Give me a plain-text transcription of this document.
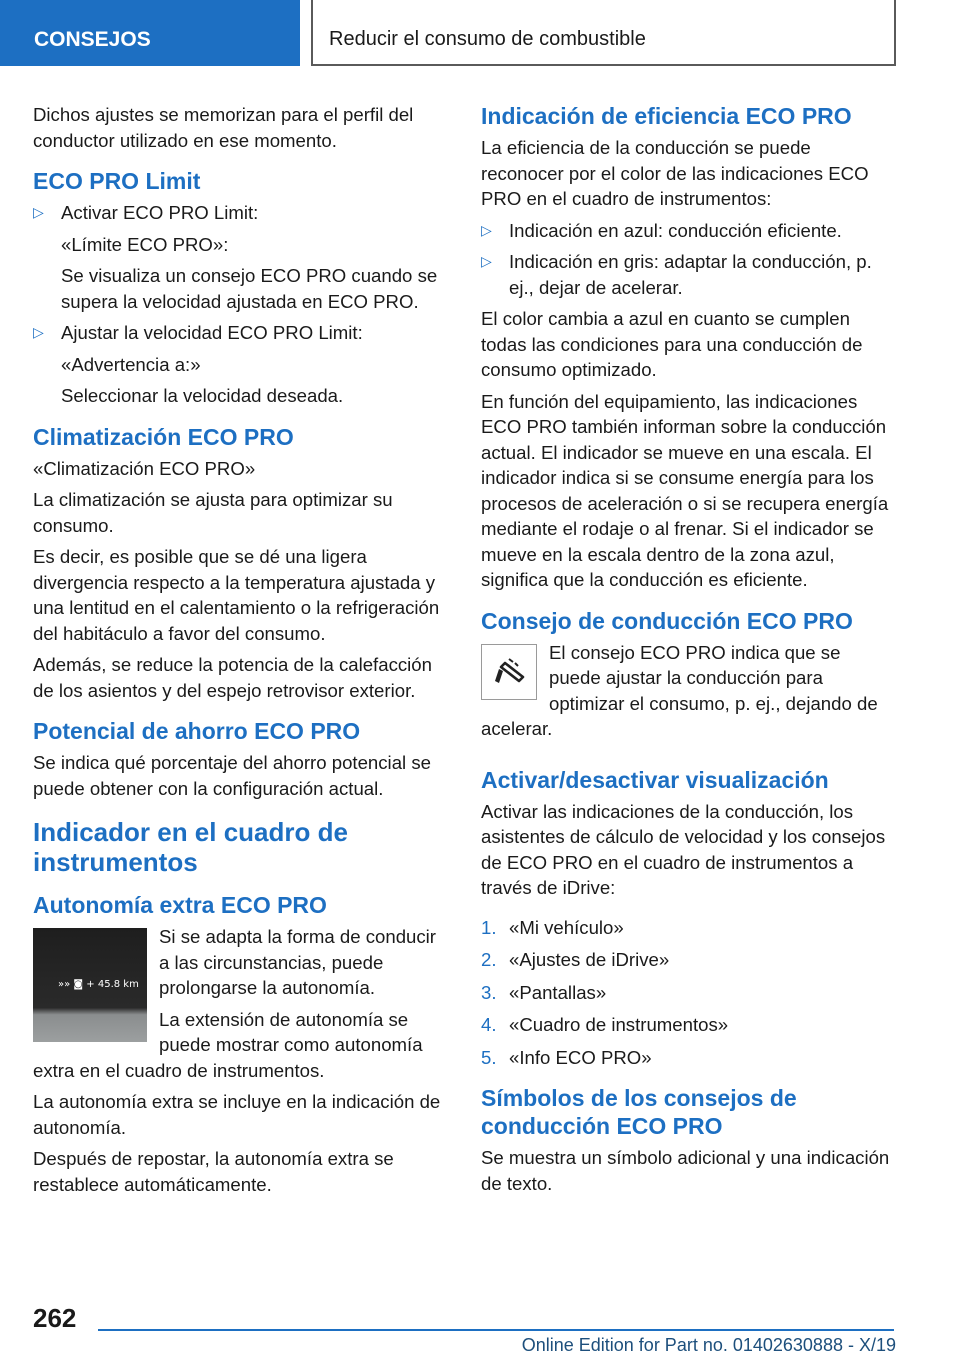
CONSEJOS	Reducir el consumo de combustible

Dichos ajustes se memorizan para el perfil del conductor utilizado en ese momento.

ECO PRO Limit
▷ Activar ECO PRO Limit:
«Límite ECO PRO»:
Se visualiza un consejo ECO PRO cuando se supera la velocidad ajustada en ECO PRO.
▷ Ajustar la velocidad ECO PRO Limit:
«Advertencia a:»
Seleccionar la velocidad deseada.
Climatización ECO PRO

«Climatización ECO PRO»

La climatización se ajusta para optimizar su consumo.

Es decir, es posible que se dé una ligera divergencia respecto a la temperatura ajustada y una lentitud en el calentamiento o la refrigeración del habitáculo a favor del consumo.

Además, se reduce la potencia de la calefacción de los asientos y del espejo retrovisor exterior.

Potencial de ahorro ECO PRO

Se indica qué porcentaje del ahorro potencial se puede obtener con la configuración actual.

Indicador en el cuadro de instrumentos
Autonomía extra ECO PRO
»» ◙ + 45.8 km

Si se adapta la forma de conducir a las circunstancias, puede prolongarse la autonomía.

La extensión de autonomía se puede mostrar como autonomía extra en el cuadro de instrumentos.

La autonomía extra se incluye en la indicación de autonomía.

Después de repostar, la autonomía extra se restablece automáticamente.

Indicación de eficiencia ECO PRO

La eficiencia de la conducción se puede reconocer por el color de las indicaciones ECO PRO en el cuadro de instrumentos:

▷ Indicación en azul: conducción eficiente.
▷ Indicación en gris: adaptar la conducción, p. ej., dejar de acelerar.

El color cambia a azul en cuanto se cumplen todas las condiciones para una conducción de consumo optimizado.

En función del equipamiento, las indicaciones ECO PRO también informan sobre la conducción actual. El indicador se mueve en una escala. El indicador indica si se consume energía para los procesos de aceleración o si se recupera energía mediante el rodaje o al frenar. Si el indicador se mueve en la escala dentro de la zona azul, significa que la conducción es eficiente.

Consejo de conducción ECO PRO

El consejo ECO PRO indica que se puede ajustar la conducción para optimizar el consumo, p. ej., dejando de acelerar.

Activar/desactivar visualización

Activar las indicaciones de la conducción, los asistentes de cálculo de velocidad y los consejos de ECO PRO en el cuadro de instrumentos a través de iDrive:

1. «Mi vehículo»
2. «Ajustes de iDrive»
3. «Pantallas»
4. «Cuadro de instrumentos»
5. «Info ECO PRO»
Símbolos de los consejos de conducción ECO PRO

Se muestra un símbolo adicional y una indicación de texto.

262
Online Edition for Part no. 01402630888 - X/19
